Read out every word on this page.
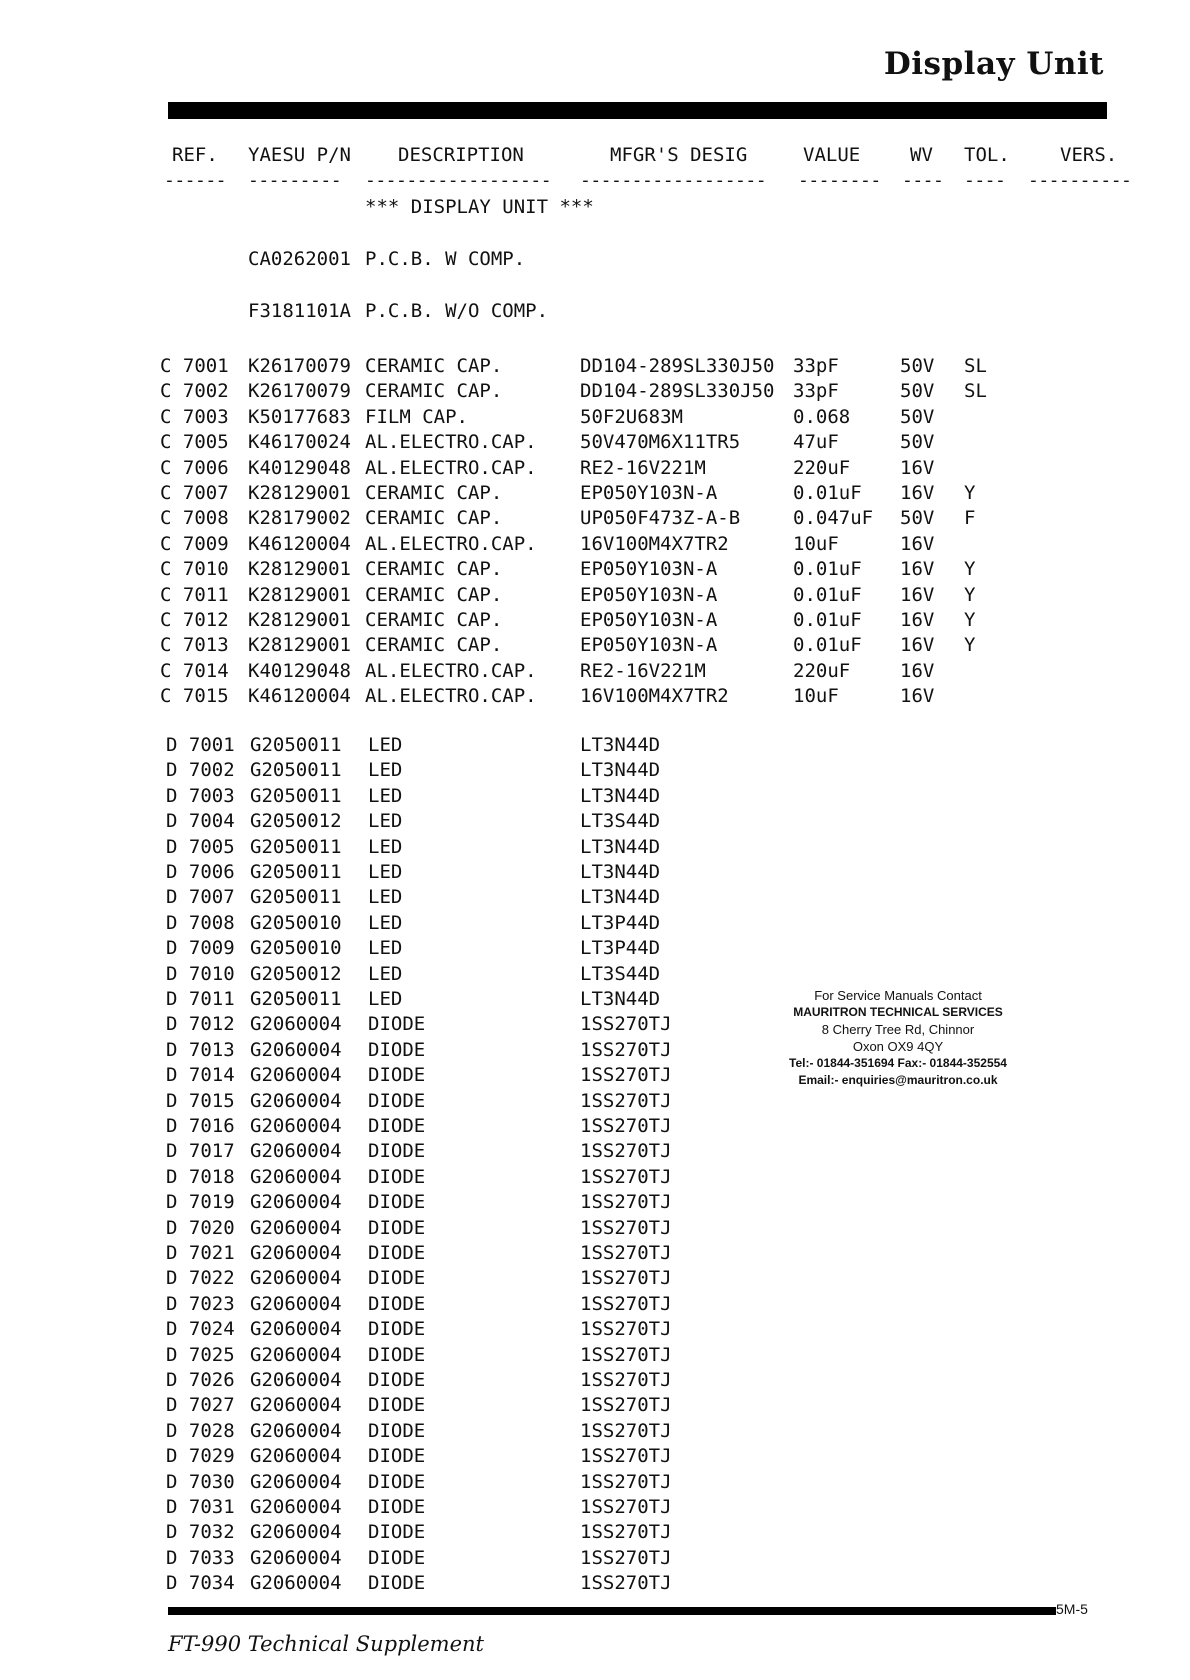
Display Unit
REF. YAESU P/N DESCRIPTION	MFGR'S DESIG	VALUE	WV TOL.	VERS.
------ --------- ------------------ ------------------ -------- ---- ---- ----------
*** DISPLAY UNIT ***
CA0262001 P.C.B. W COMP.
F3181101A P.C.B. W/O COMP.
C 7001 K26170079 CERAMIC CAP.	DD104-289SL330J50 33pF	50V SL
C 7002 K26170079 CERAMIC CAP.	DD104-289SL330J50 33pF	50V SL
C 7003 K50177683 FILM CAP.	50F2U683M	0.068	50V
C 7005 K46170024 AL.ELECTRO.CAP. 50V470M6X11TR5	47uF	50V
C 7006 K40129048 AL.ELECTRO.CAP. RE2-16V221M	220uF	16V
C 7007 K28129001 CERAMIC CAP.	EP050Y103N-A	0.01uF 16V Y
C 7008 K28179002 CERAMIC CAP.	UP050F473Z-A-B	0.047uF 50V F
C 7009 K46120004 AL.ELECTRO.CAP. 16V100M4X7TR2	10uF	16V
C 7010 K28129001 CERAMIC CAP.	EP050Y103N-A	0.01uF 16V Y
C 7011 K28129001 CERAMIC CAP.	EP050Y103N-A	0.01uF 16V Y
C 7012 K28129001 CERAMIC CAP.	EP050Y103N-A	0.01uF 16V Y
C 7013 K28129001 CERAMIC CAP.	EP050Y103N-A	0.01uF 16V Y
C 7014 K40129048 AL.ELECTRO.CAP. RE2-16V221M	220uF	16V
C 7015 K46120004 AL.ELECTRO.CAP. 16V100M4X7TR2	10uF	16V
D 7001 G2050011 LED	LT3N44D
D 7002 G2050011 LED	LT3N44D
D 7003 G2050011 LED	LT3N44D
D 7004 G2050012 LED	LT3S44D
D 7005 G2050011 LED	LT3N44D
D 7006 G2050011 LED	LT3N44D
D 7007 G2050011 LED	LT3N44D
D 7008 G2050010 LED	LT3P44D
D 7009 G2050010 LED	LT3P44D
D 7010 G2050012 LED	LT3S44D
D 7011 G2050011 LED	LT3N44D
D 7012 G2060004 DIODE	1SS270TJ
D 7013 G2060004 DIODE	1SS270TJ
D 7014 G2060004 DIODE	1SS270TJ
D 7015 G2060004 DIODE	1SS270TJ
D 7016 G2060004 DIODE	1SS270TJ
D 7017 G2060004 DIODE	1SS270TJ
D 7018 G2060004 DIODE	1SS270TJ
D 7019 G2060004 DIODE	1SS270TJ
D 7020 G2060004 DIODE	1SS270TJ
D 7021 G2060004 DIODE	1SS270TJ
D 7022 G2060004 DIODE	1SS270TJ
D 7023 G2060004 DIODE	1SS270TJ
D 7024 G2060004 DIODE	1SS270TJ
D 7025 G2060004 DIODE	1SS270TJ
D 7026 G2060004 DIODE	1SS270TJ
D 7027 G2060004 DIODE	1SS270TJ
D 7028 G2060004 DIODE	1SS270TJ
D 7029 G2060004 DIODE	1SS270TJ
D 7030 G2060004 DIODE	1SS270TJ
D 7031 G2060004 DIODE	1SS270TJ
D 7032 G2060004 DIODE	1SS270TJ
D 7033 G2060004 DIODE	1SS270TJ
D 7034 G2060004 DIODE	1SS270TJ
For Service Manuals Contact
MAURITRON TECHNICAL SERVICES
8 Cherry Tree Rd, Chinnor
Oxon OX9 4QY
Tel:- 01844-351694 Fax:- 01844-352554
Email:- enquiries@mauritron.co.uk
5M-5
FT-990 Technical Supplement
